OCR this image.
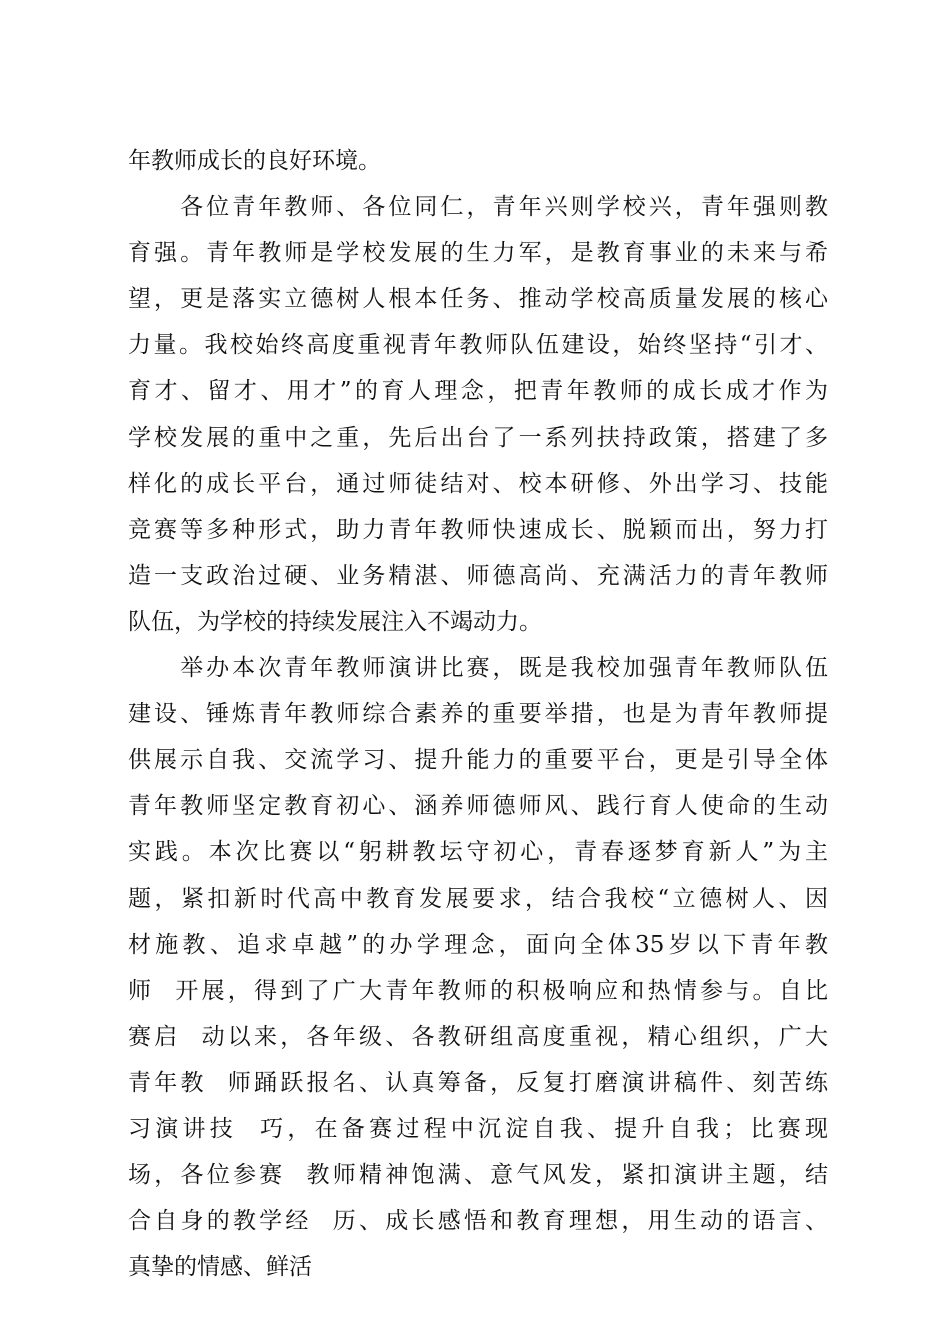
年教师成长的良好环境。
　　各位青年教师、各位同仁，青年兴则学校兴，青年强则教
育强。青年教师是学校发展的生力军，是教育事业的未来与希
望，更是落实立德树人根本任务、推动学校高质量发展的核心
力量。我校始终高度重视青年教师队伍建设，始终坚持“引才、
育才、留才、用才”的育人理念，把青年教师的成长成才作为
学校发展的重中之重，先后出台了一系列扶持政策，搭建了多
样化的成长平台，通过师徒结对、校本研修、外出学习、技能
竞赛等多种形式，助力青年教师快速成长、脱颖而出，努力打
造一支政治过硬、业务精湛、师德高尚、充满活力的青年教师
队伍，为学校的持续发展注入不竭动力。
　　举办本次青年教师演讲比赛，既是我校加强青年教师队伍
建设、锤炼青年教师综合素养的重要举措，也是为青年教师提
供展示自我、交流学习、提升能力的重要平台，更是引导全体
青年教师坚定教育初心、涵养师德师风、践行育人使命的生动
实践。本次比赛以“躬耕教坛守初心，青春逐梦育新人”为主
题，紧扣新时代高中教育发展要求，结合我校“立德树人、因
材施教、追求卓越”的办学理念，面向全体35岁以下青年教
师  开展，得到了广大青年教师的积极响应和热情参与。自比
赛启  动以来，各年级、各教研组高度重视，精心组织，广大
青年教  师踊跃报名、认真筹备，反复打磨演讲稿件、刻苦练
习演讲技  巧，在备赛过程中沉淀自我、提升自我；比赛现
场，各位参赛  教师精神饱满、意气风发，紧扣演讲主题，结
合自身的教学经  历、成长感悟和教育理想，用生动的语言、
真挚的情感、鲜活
